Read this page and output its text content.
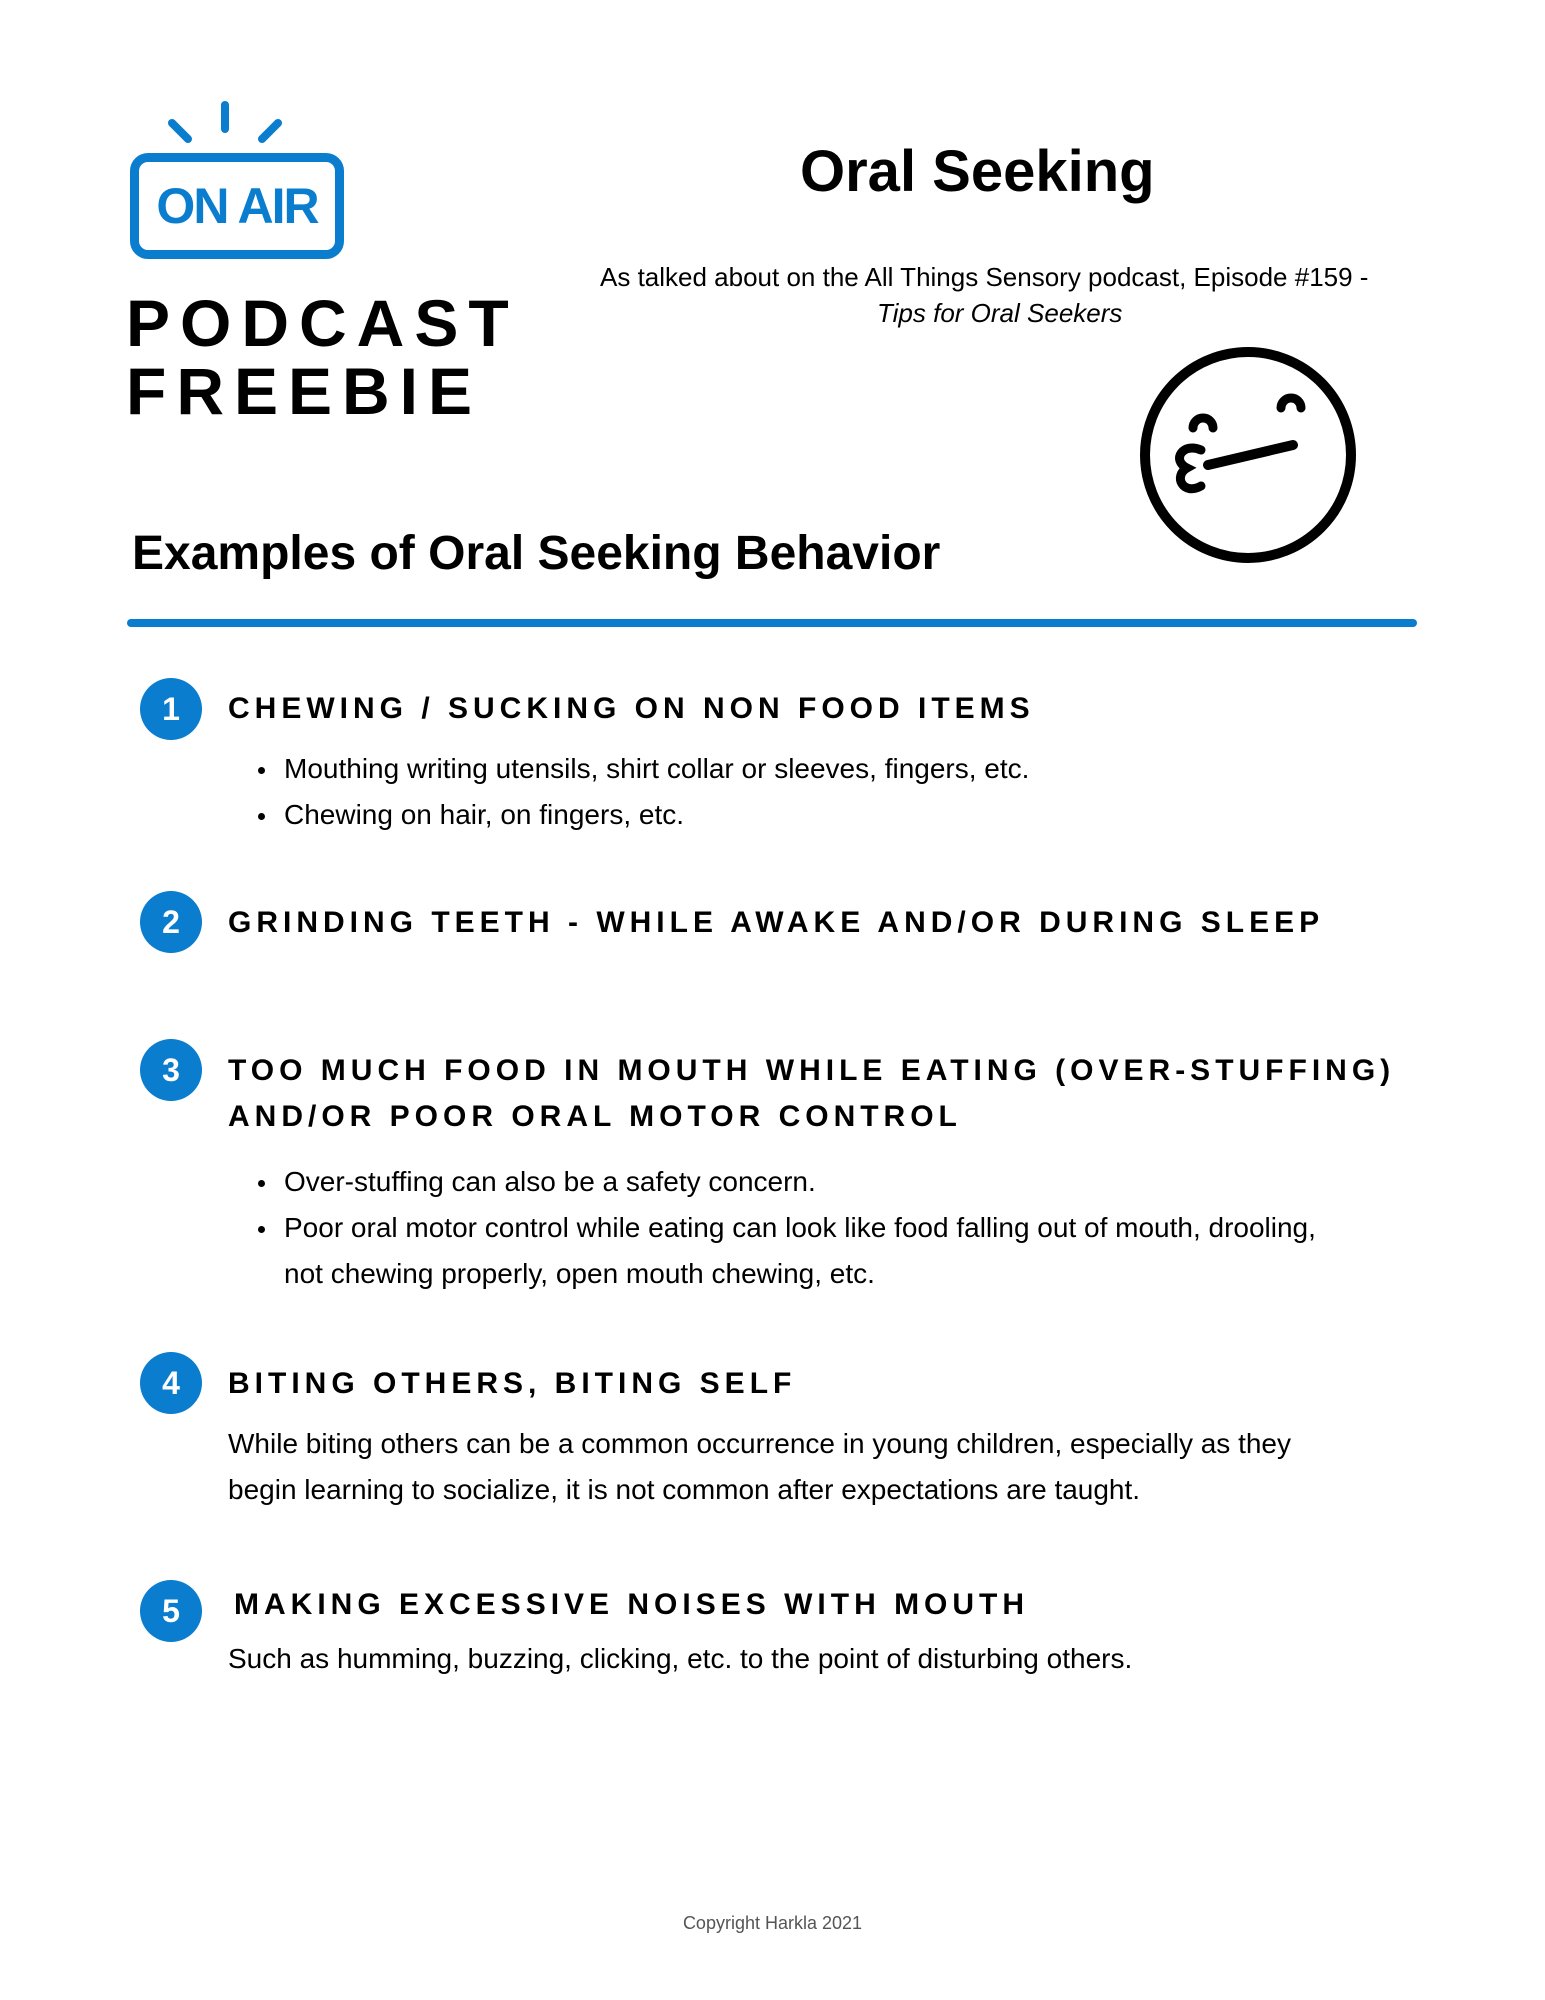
ON AIR
PODCAST
FREEBIE
Oral Seeking
As talked about on the All Things Sensory podcast, Episode #159 -
Tips for Oral Seekers
Examples of Oral Seeking Behavior
1	CHEWING / SUCKING ON NON FOOD ITEMS
Mouthing writing utensils, shirt collar or sleeves, fingers, etc.
Chewing on hair, on fingers, etc.
2	GRINDING TEETH - WHILE AWAKE AND/OR DURING SLEEP
3	TOO MUCH FOOD IN MOUTH WHILE EATING (OVER-STUFFING)
AND/OR POOR ORAL MOTOR CONTROL
Over-stuffing can also be a safety concern.
Poor oral motor control while eating can look like food falling out of mouth, drooling,
not chewing properly, open mouth chewing, etc.
4	BITING OTHERS, BITING SELF
While biting others can be a common occurrence in young children, especially as they
begin learning to socialize, it is not common after expectations are taught.
5	MAKING EXCESSIVE NOISES WITH MOUTH
Such as humming, buzzing, clicking, etc. to the point of disturbing others.
Copyright Harkla 2021
